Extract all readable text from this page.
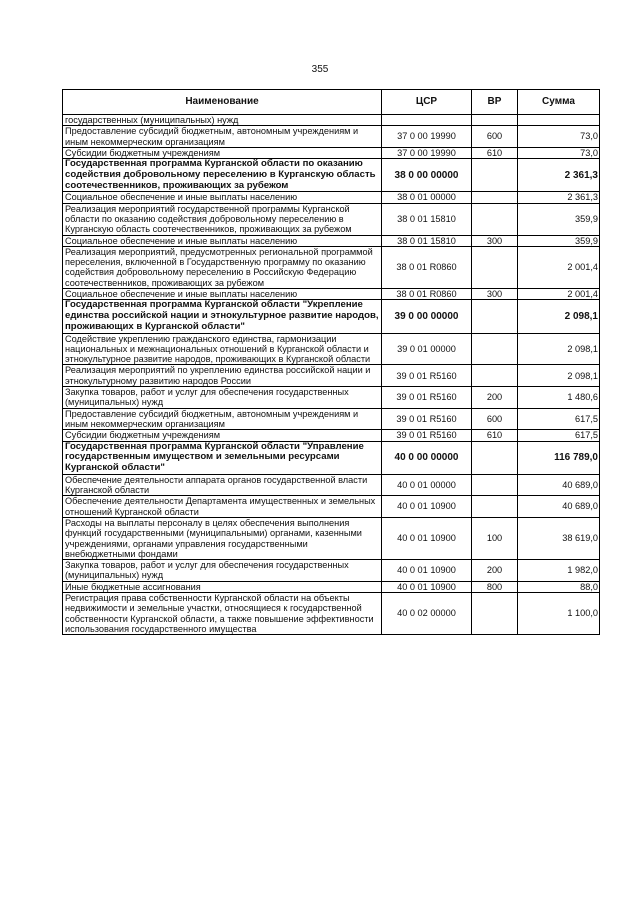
355
Наименование	ЦСР	ВР	Сумма
государственных (муниципальных) нужд			
Предоставление субсидий бюджетным, автономным учреждениям и иным некоммерческим организациям	37 0 00 19990	600	73,0
Субсидии бюджетным учреждениям	37 0 00 19990	610	73,0
Государственная программа Курганской области по оказанию содействия добровольному переселению в Курганскую область соотечественников, проживающих за рубежом	38 0 00 00000		2 361,3
Социальное обеспечение и иные выплаты населению	38 0 01 00000		2 361,3
Реализация мероприятий государственной программы Курганской области по оказанию содействия добровольному переселению в Курганскую область соотечественников, проживающих за рубежом	38 0 01 15810		359,9
Социальное обеспечение и иные выплаты населению	38 0 01 15810	300	359,9
Реализация мероприятий, предусмотренных региональной программой переселения, включенной в Государственную программу по оказанию содействия добровольному переселению в Российскую Федерацию соотечественников, проживающих за рубежом	38 0 01 R0860		2 001,4
Социальное обеспечение и иные выплаты населению	38 0 01 R0860	300	2 001,4
Государственная программа Курганской области "Укрепление единства российской нации и этнокультурное развитие народов, проживающих в Курганской области"	39 0 00 00000		2 098,1
Содействие укреплению гражданского единства, гармонизации национальных и межнациональных отношений в Курганской области и этнокультурное развитие народов, проживающих в Курганской области	39 0 01 00000		2 098,1
Реализация мероприятий по укреплению единства российской нации и этнокультурному развитию народов России	39 0 01 R5160		2 098,1
Закупка товаров, работ и услуг для обеспечения государственных (муниципальных) нужд	39 0 01 R5160	200	1 480,6
Предоставление субсидий бюджетным, автономным учреждениям и иным некоммерческим организациям	39 0 01 R5160	600	617,5
Субсидии бюджетным учреждениям	39 0 01 R5160	610	617,5
Государственная программа Курганской области "Управление государственным имуществом и земельными ресурсами Курганской области"	40 0 00 00000		116 789,0
Обеспечение деятельности аппарата органов государственной власти Курганской области	40 0 01 00000		40 689,0
Обеспечение деятельности Департамента имущественных и земельных отношений Курганской области	40 0 01 10900		40 689,0
Расходы на выплаты персоналу в целях обеспечения выполнения функций государственными (муниципальными) органами, казенными учреждениями, органами управления государственными внебюджетными фондами	40 0 01 10900	100	38 619,0
Закупка товаров, работ и услуг для обеспечения государственных (муниципальных) нужд	40 0 01 10900	200	1 982,0
Иные бюджетные ассигнования	40 0 01 10900	800	88,0
Регистрация права собственности Курганской области на объекты недвижимости и земельные участки, относящиеся к государственной собственности Курганской области, а также повышение эффективности использования государственного имущества	40 0 02 00000		1 100,0
